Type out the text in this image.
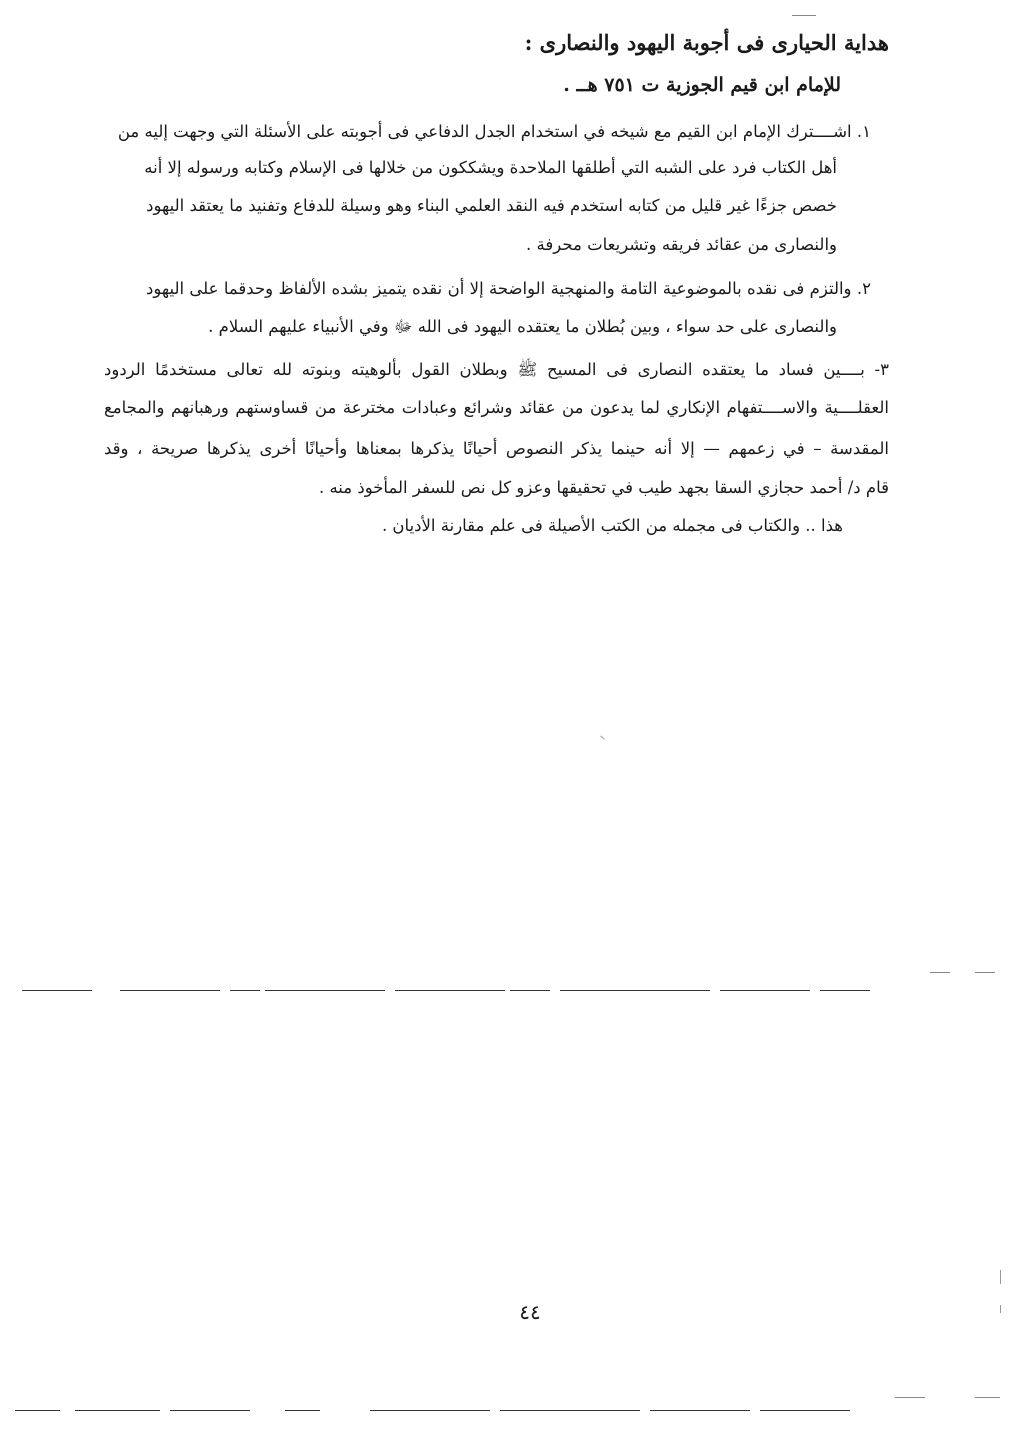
هداية الحيارى فى أجوبة اليهود والنصارى :
للإمام ابن قيم الجوزية ت ٧٥١ هــ .
١. اشــــترك الإمام ابن القيم مع شيخه في استخدام الجدل الدفاعي فى أجوبته على الأسئلة التي وجهت إليه من
أهل الكتاب فرد على الشبه التي أطلقها الملاحدة ويشككون من خلالها فى الإسلام وكتابه ورسوله إلا أنه
خصص جزءًا غير قليل من كتابه استخدم فيه النقد العلمي البناء وهو وسيلة للدفاع وتفنيد ما يعتقد اليهود
والنصارى من عقائد فريقه وتشريعات محرفة .
٢. والتزم فى نقده بالموضوعية التامة والمنهجية الواضحة إلا أن نقده يتميز بشده الألفاظ وحدقما على اليهود
والنصارى على حد سواء ، وبين بُطلان ما يعتقده اليهود فى الله ﷻ وفي الأنبياء عليهم السلام .
٣- بــــين فساد ما يعتقده النصارى فى المسيح ﷺ وبطلان القول بألوهيته وبنوته لله تعالى مستخدمًا الردود
العقلــــية والاســــتفهام الإنكاري لما يدعون من عقائد وشرائع وعبادات مخترعة من قساوستهم ورهبانهم والمجامع
المقدسة – في زعمهم — إلا أنه حينما يذكر النصوص أحيانًا يذكرها بمعناها وأحيانًا أخرى يذكرها صريحة ، وقد
قام د/ أحمد حجازي السقا بجهد طيب في تحقيقها وعزو كل نص للسفر المأخوذ منه .
هذا .. والكتاب فى مجمله من الكتب الأصيلة فى علم مقارنة الأديان .
٤٤
